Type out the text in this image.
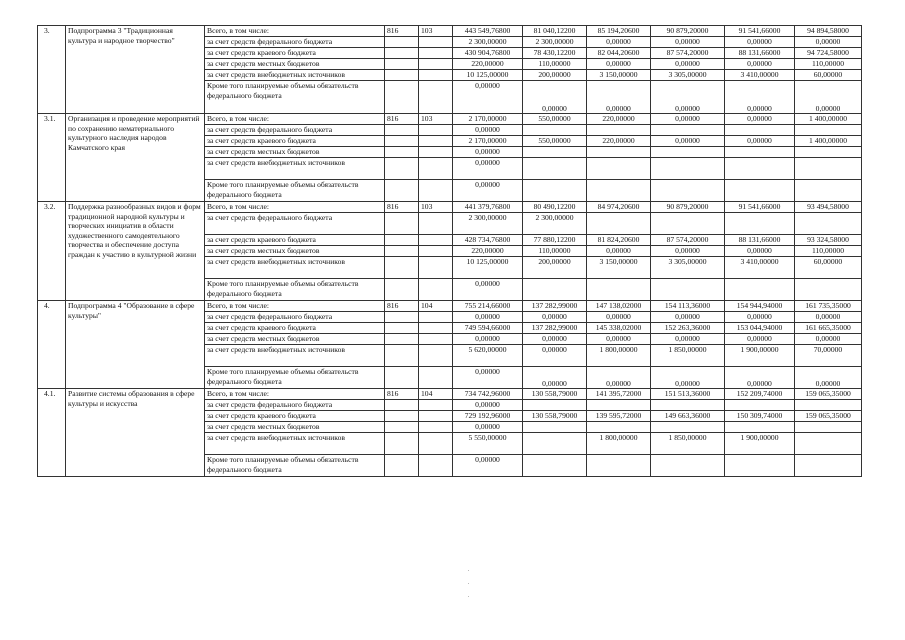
3.	Подпрограмма 3 "Традиционная культура и народное творчество"	Всего, в том числе:	816	103	443 549,76800	81 040,12200	85 194,20600	90 879,20000	91 541,66000	94 894,58000
		за счет средств федерального бюджета			2 300,00000	2 300,00000	0,00000	0,00000	0,00000	0,00000
		за счет средств краевого бюджета			430 904,76800	78 430,12200	82 044,20600	87 574,20000	88 131,66000	94 724,58000
		за счет средств местных бюджетов			220,00000	110,00000	0,00000	0,00000	0,00000	110,00000
		за счет средств внебюджетных источников			10 125,00000	200,00000	3 150,00000	3 305,00000	3 410,00000	60,00000
		Кроме того планируемые объемы обязательств федерального бюджета			0,00000	0,00000	0,00000	0,00000	0,00000	0,00000
3.1.	Организация и проведение мероприятий по сохранению нематериального культурного наследия народов Камчатского края	Всего, в том числе:	816	103	2 170,00000	550,00000	220,00000	0,00000	0,00000	1 400,00000
		за счет средств федерального бюджета			0,00000					
		за счет средств краевого бюджета			2 170,00000	550,00000	220,00000	0,00000	0,00000	1 400,00000
		за счет средств местных бюджетов			0,00000					
		за счет средств внебюджетных источников			0,00000					
		Кроме того планируемые объемы обязательств федерального бюджета			0,00000					
3.2.	Поддержка разнообразных видов и форм традиционной народной культуры и творческих инициатив в области художественного самодеятельного творчества и обеспечение доступа граждан к участию в культурной жизни	Всего, в том числе:	816	103	441 379,76800	80 490,12200	84 974,20600	90 879,20000	91 541,66000	93 494,58000
		за счет средств федерального бюджета			2 300,00000	2 300,00000				
		за счет средств краевого бюджета			428 734,76800	77 880,12200	81 824,20600	87 574,20000	88 131,66000	93 324,58000
		за счет средств местных бюджетов			220,00000	110,00000	0,00000	0,00000	0,00000	110,00000
		за счет средств внебюджетных источников			10 125,00000	200,00000	3 150,00000	3 305,00000	3 410,00000	60,00000
		Кроме того планируемые объемы обязательств федерального бюджета			0,00000					
4.	Подпрограмма 4 "Образование в сфере культуры"	Всего, в том числе:	816	104	755 214,66000	137 282,99000	147 138,02000	154 113,36000	154 944,94000	161 735,35000
		за счет средств федерального бюджета			0,00000	0,00000	0,00000	0,00000	0,00000	0,00000
		за счет средств краевого бюджета			749 594,66000	137 282,99000	145 338,02000	152 263,36000	153 044,94000	161 665,35000
		за счет средств местных бюджетов			0,00000	0,00000	0,00000	0,00000	0,00000	0,00000
		за счет средств внебюджетных источников			5 620,00000	0,00000	1 800,00000	1 850,00000	1 900,00000	70,00000
		Кроме того планируемые объемы обязательств федерального бюджета			0,00000	0,00000	0,00000	0,00000	0,00000	0,00000
4.1.	Развитие системы образования в сфере культуры и искусства	Всего, в том числе:	816	104	734 742,96000	130 558,79000	141 395,72000	151 513,36000	152 209,74000	159 065,35000
		за счет средств федерального бюджета			0,00000					
		за счет средств краевого бюджета			729 192,96000	130 558,79000	139 595,72000	149 663,36000	150 309,74000	159 065,35000
		за счет средств местных бюджетов			0,00000					
		за счет средств внебюджетных источников			5 550,00000		1 800,00000	1 850,00000	1 900,00000	
		Кроме того планируемые объемы обязательств федерального бюджета			0,00000					
